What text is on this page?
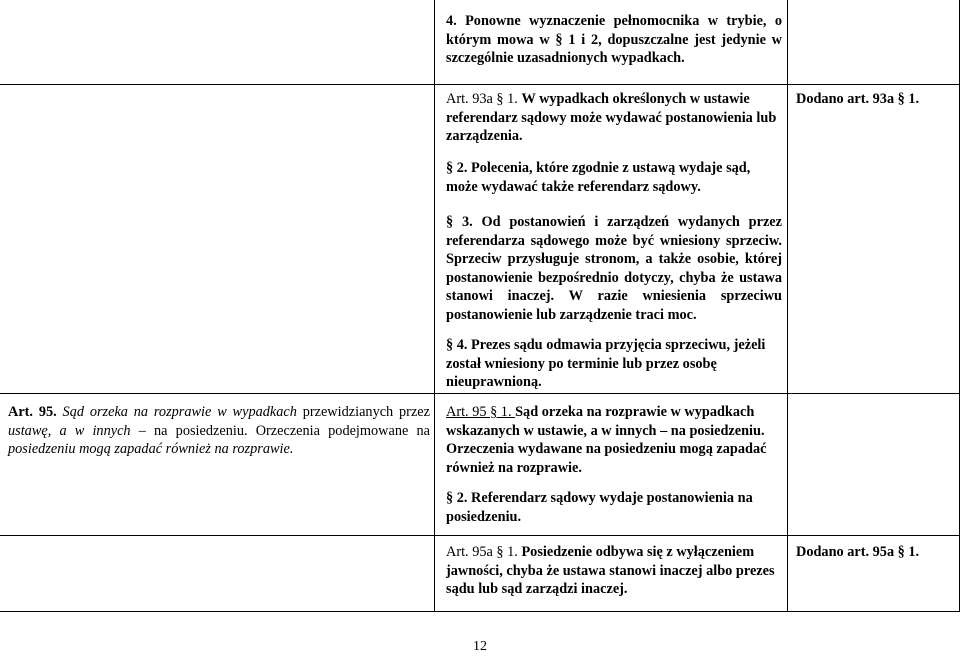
4. Ponowne wyznaczenie pełnomocnika w trybie, o którym mowa w § 1 i 2, dopuszczalne jest jedynie w szczególnie uzasadnionych wypadkach.
Art. 93a § 1. W wypadkach określonych w ustawie referendarz sądowy może wydawać postanowienia lub zarządzenia.
§ 2. Polecenia, które zgodnie z ustawą wydaje sąd, może wydawać także referendarz sądowy.
§ 3. Od postanowień i zarządzeń wydanych przez referendarza sądowego może być wniesiony sprzeciw. Sprzeciw przysługuje stronom, a także osobie, której postanowienie bezpośrednio dotyczy, chyba że ustawa stanowi inaczej. W razie wniesienia sprzeciwu postanowienie lub zarządzenie traci moc.
§ 4. Prezes sądu odmawia przyjęcia sprzeciwu, jeżeli został wniesiony po terminie lub przez osobę nieuprawnioną.
Art. 95 § 1. Sąd orzeka na rozprawie w wypadkach wskazanych w ustawie, a w innych – na posiedzeniu. Orzeczenia wydawane na posiedzeniu mogą zapadać również na rozprawie.
§ 2. Referendarz sądowy wydaje postanowienia na posiedzeniu.
Art. 95a § 1. Posiedzenie odbywa się z wyłączeniem jawności, chyba że ustawa stanowi inaczej albo prezes sądu lub sąd zarządzi inaczej.
Art. 95. Sąd orzeka na rozprawie w wypadkach przewidzianych przez ustawę, a w innych – na posiedzeniu. Orzeczenia podejmowane na posiedzeniu mogą zapadać również na rozprawie.
Dodano art. 93a § 1.
Dodano art. 95a § 1.
12
